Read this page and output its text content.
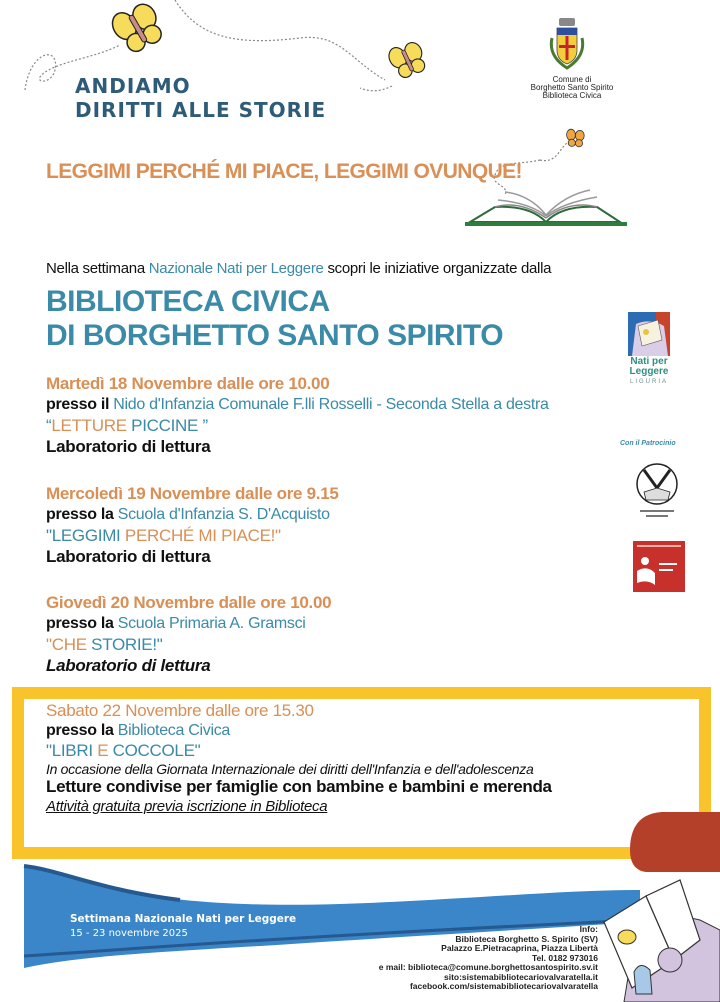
ANDIAMO
DIRITTI ALLE STORIE
Comune di
Borghetto Santo Spirito
Biblioteca Civica
LEGGIMI PERCHÉ MI PIACE, LEGGIMI OVUNQUE!
Nella settimana Nazionale Nati per Leggere scopri le iniziative organizzate dalla
BIBLIOTECA CIVICA
DI BORGHETTO SANTO SPIRITO
Nati per
Leggere
LIGURIA
Con il Patrocinio
Martedì 18 Novembre dalle ore 10.00
presso il Nido d'Infanzia Comunale F.lli Rosselli - Seconda Stella a destra
“LETTURE PICCINE ”
Laboratorio di lettura
Mercoledì 19 Novembre dalle ore 9.15
presso la Scuola d'Infanzia S. D'Acquisto
"LEGGIMI PERCHÉ MI PIACE!"
Laboratorio di lettura
Giovedì 20 Novembre dalle ore 10.00
presso la Scuola Primaria A. Gramsci
"CHE STORIE!"
Laboratorio di lettura
Sabato 22 Novembre dalle ore 15.30
presso la Biblioteca Civica
"LIBRI E COCCOLE"
In occasione della Giornata Internazionale dei diritti dell'Infanzia e dell'adolescenza
Letture condivise per famiglie con bambine e bambini e merenda
Attività gratuita previa iscrizione in Biblioteca
Settimana Nazionale Nati per Leggere
15 - 23 novembre 2025	Info:
Biblioteca Borghetto S. Spirito (SV)
Palazzo E.Pietracaprina, Piazza Libertà
Tel. 0182 973016
e mail: biblioteca@comune.borghettosantospirito.sv.it
sito:sistemabibliotecariovalvaratella.it
facebook.com/sistemabibliotecariovalvaratella
